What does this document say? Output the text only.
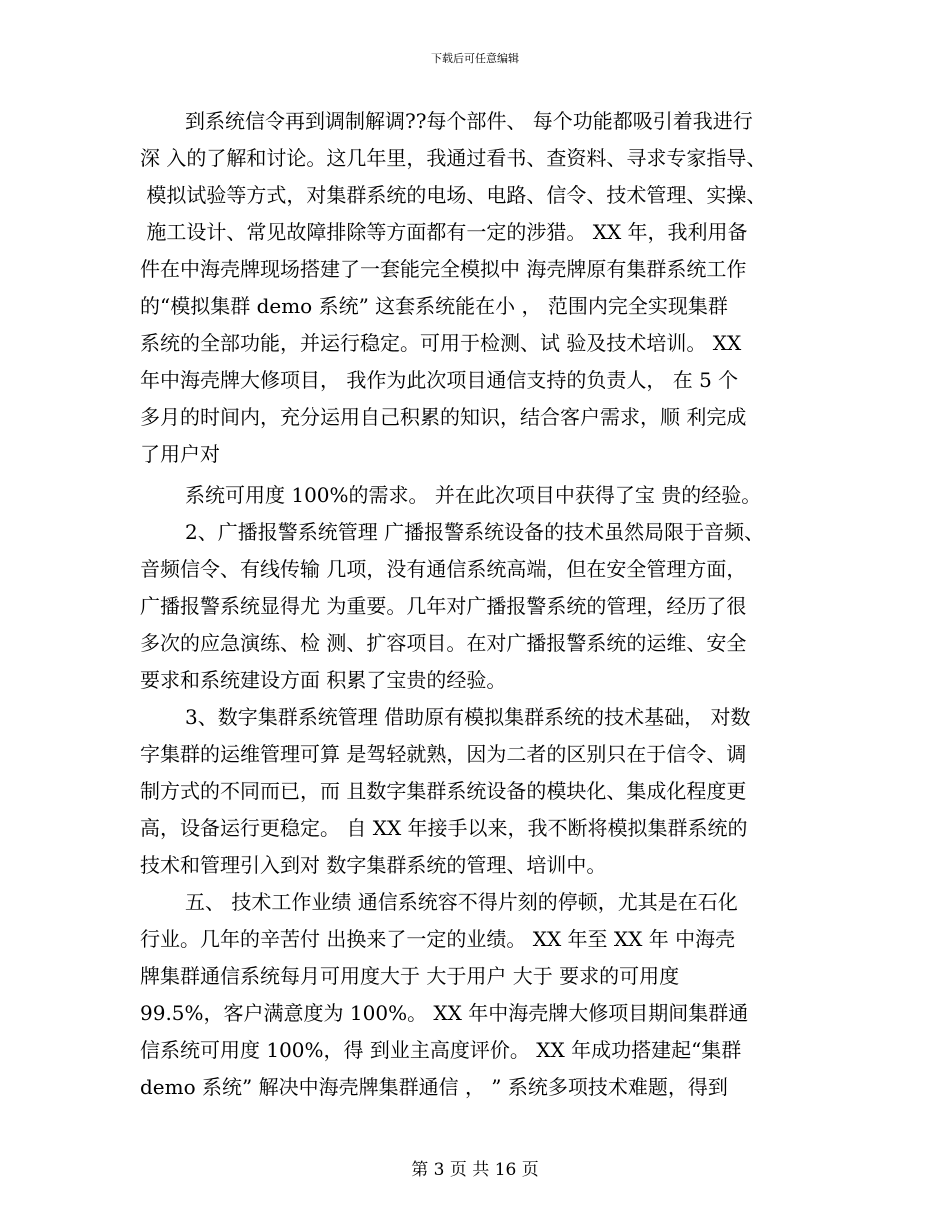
下载后可任意编辑
到系统信令再到调制解调??每个部件、 每个功能都吸引着我进行
深 入的了解和讨论。这几年里，我通过看书、查资料、寻求专家指导、
模拟试验等方式，对集群系统的电场、电路、信令、技术管理、实操、
施工设计、常见故障排除等方面都有一定的涉猎。 XX 年，我利用备
件在中海壳牌现场搭建了一套能完全模拟中 海壳牌原有集群系统工作
的“模拟集群 demo 系统” 这套系统能在小 ， 范围内完全实现集群
系统的全部功能，并运行稳定。可用于检测、试 验及技术培训。 XX
年中海壳牌大修项目， 我作为此次项目通信支持的负责人， 在 5 个
多月的时间内，充分运用自己积累的知识，结合客户需求，顺 利完成
了用户对
系统可用度 100%的需求。 并在此次项目中获得了宝 贵的经验。
2、广播报警系统管理 广播报警系统设备的技术虽然局限于音频、
音频信令、有线传输 几项，没有通信系统高端，但在安全管理方面，
广播报警系统显得尤 为重要。几年对广播报警系统的管理，经历了很
多次的应急演练、检 测、扩容项目。在对广播报警系统的运维、安全
要求和系统建设方面 积累了宝贵的经验。
3、数字集群系统管理 借助原有模拟集群系统的技术基础， 对数
字集群的运维管理可算 是驾轻就熟，因为二者的区别只在于信令、调
制方式的不同而已，而 且数字集群系统设备的模块化、集成化程度更
高，设备运行更稳定。 自 XX 年接手以来，我不断将模拟集群系统的
技术和管理引入到对 数字集群系统的管理、培训中。
五、 技术工作业绩 通信系统容不得片刻的停顿，尤其是在石化
行业。几年的辛苦付 出换来了一定的业绩。 XX 年至 XX 年 中海壳
牌集群通信系统每月可用度大于 大于用户 大于 要求的可用度
99.5%，客户满意度为 100%。 XX 年中海壳牌大修项目期间集群通
信系统可用度 100%，得 到业主高度评价。 XX 年成功搭建起“集群
demo 系统” 解决中海壳牌集群通信 ， ” 系统多项技术难题，得到
第 3 页 共 16 页
